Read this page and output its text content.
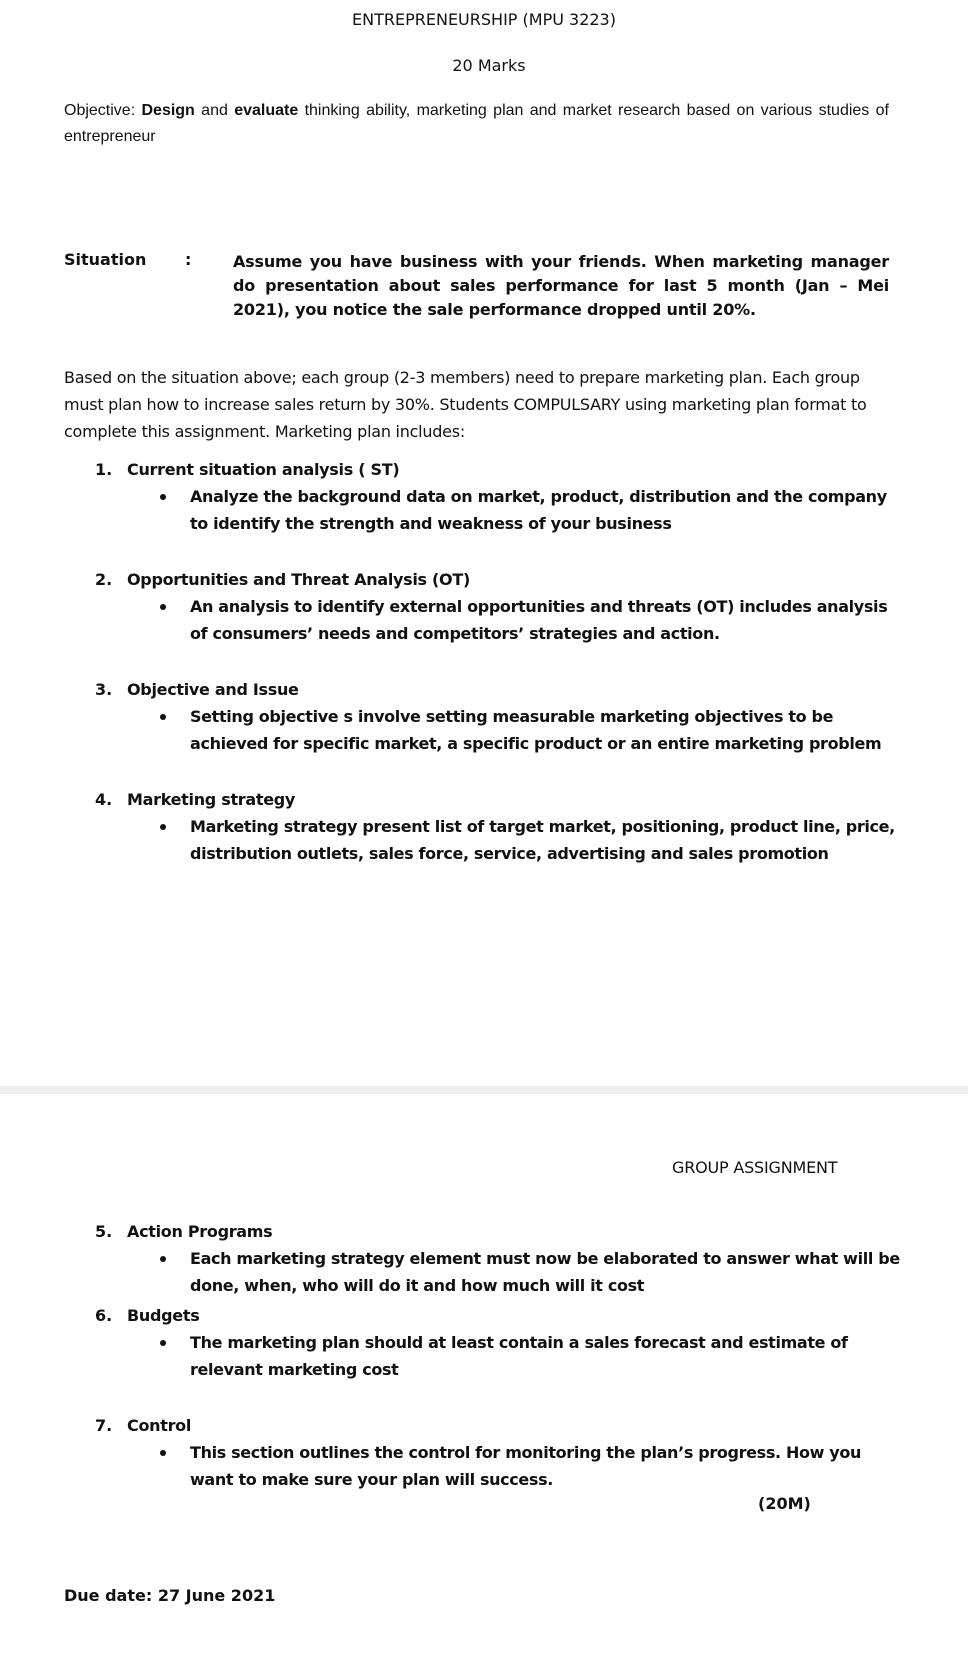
ENTREPRENEURSHIP (MPU 3223)
20 Marks
Objective: Design and evaluate thinking ability, marketing plan and market research based on various studies of entrepreneur
Situation :	Assume you have business with your friends. When marketing manager do presentation about sales performance for last 5 month (Jan – Mei 2021), you notice the sale performance dropped until 20%.
Based on the situation above; each group (2-3 members) need to prepare marketing plan. Each group must plan how to increase sales return by 30%. Students COMPULSARY using marketing plan format to complete this assignment. Marketing plan includes:
1. Current situation analysis ( ST)
Analyze the background data on market, product, distribution and the company to identify the strength and weakness of your business
2. Opportunities and Threat Analysis (OT)
An analysis to identify external opportunities and threats (OT) includes analysis of consumers’ needs and competitors’ strategies and action.
3. Objective and Issue
Setting objective s involve setting measurable marketing objectives to be achieved for specific market, a specific product or an entire marketing problem
4. Marketing strategy
Marketing strategy present list of target market, positioning, product line, price, distribution outlets, sales force, service, advertising and sales promotion
GROUP ASSIGNMENT
5. Action Programs
Each marketing strategy element must now be elaborated to answer what will be done, when, who will do it and how much will it cost
6. Budgets
The marketing plan should at least contain a sales forecast and estimate of relevant marketing cost
7. Control
This section outlines the control for monitoring the plan’s progress. How you want to make sure your plan will success.
(20M)
Due date: 27 June 2021
